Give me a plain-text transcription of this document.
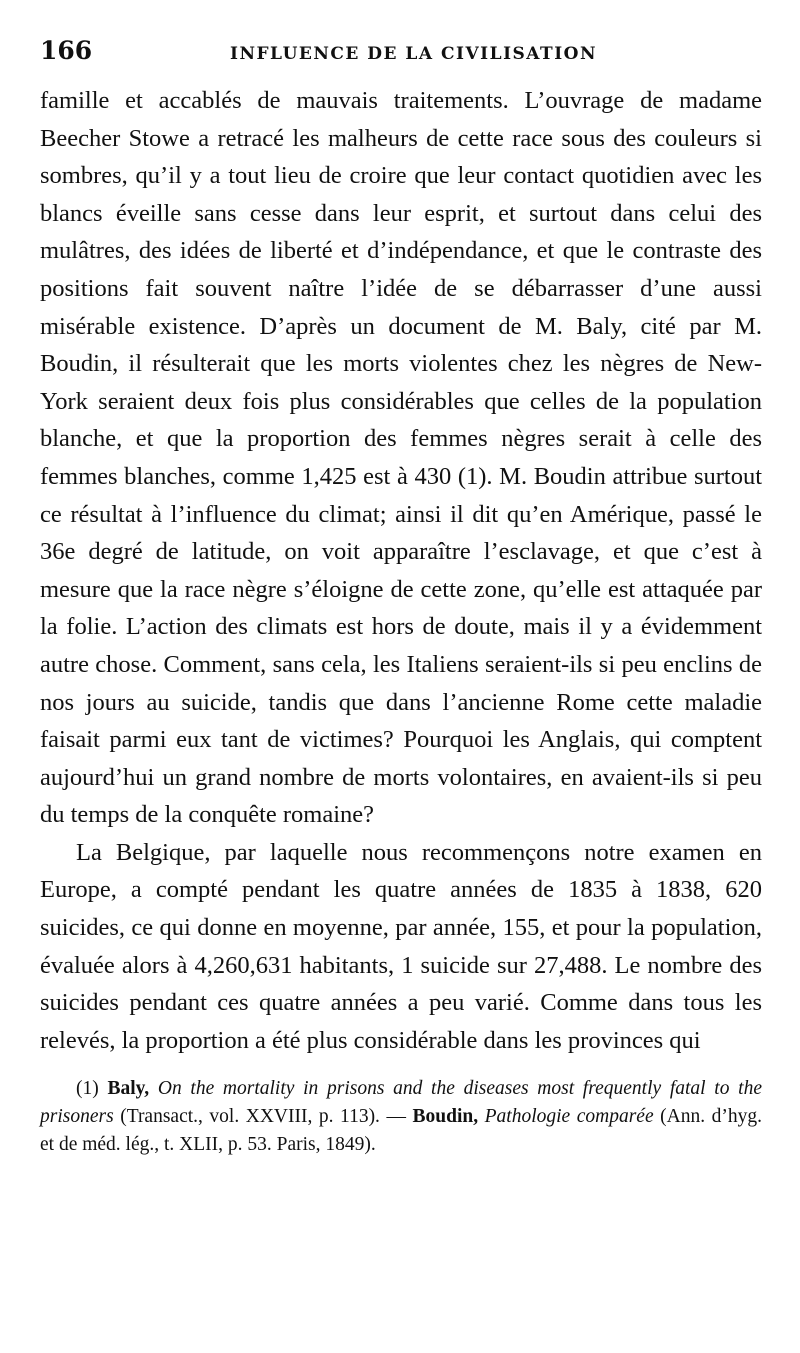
166	INFLUENCE DE LA CIVILISATION

famille et accablés de mauvais traitements. L’ouvrage de madame Beecher Stowe a retracé les malheurs de cette race sous des couleurs si sombres, qu’il y a tout lieu de croire que leur contact quotidien avec les blancs éveille sans cesse dans leur esprit, et surtout dans celui des mulâtres, des idées de liberté et d’indépendance, et que le contraste des positions fait souvent naître l’idée de se débarrasser d’une aussi misérable existence. D’après un document de M. Baly, cité par M. Boudin, il résulterait que les morts violentes chez les nègres de New-York seraient deux fois plus considérables que celles de la population blanche, et que la proportion des femmes nègres serait à celle des femmes blanches, comme 1,425 est à 430 (1). M. Boudin attribue surtout ce résultat à l’influence du climat; ainsi il dit qu’en Amérique, passé le 36e degré de latitude, on voit apparaître l’esclavage, et que c’est à mesure que la race nègre s’éloigne de cette zone, qu’elle est attaquée par la folie. L’action des climats est hors de doute, mais il y a évidemment autre chose. Comment, sans cela, les Italiens seraient-ils si peu enclins de nos jours au suicide, tandis que dans l’ancienne Rome cette maladie faisait parmi eux tant de victimes? Pourquoi les Anglais, qui comptent aujourd’hui un grand nombre de morts volontaires, en avaient-ils si peu du temps de la conquête romaine?

La Belgique, par laquelle nous recommençons notre examen en Europe, a compté pendant les quatre années de 1835 à 1838, 620 suicides, ce qui donne en moyenne, par année, 155, et pour la population, évaluée alors à 4,260,631 habitants, 1 suicide sur 27,488. Le nombre des suicides pendant ces quatre années a peu varié. Comme dans tous les relevés, la proportion a été plus considérable dans les provinces qui

(1) Baly, On the mortality in prisons and the diseases most frequently fatal to the prisoners (Transact., vol. XXVIII, p. 113). — Boudin, Pathologie comparée (Ann. d’hyg. et de méd. lég., t. XLII, p. 53. Paris, 1849).
